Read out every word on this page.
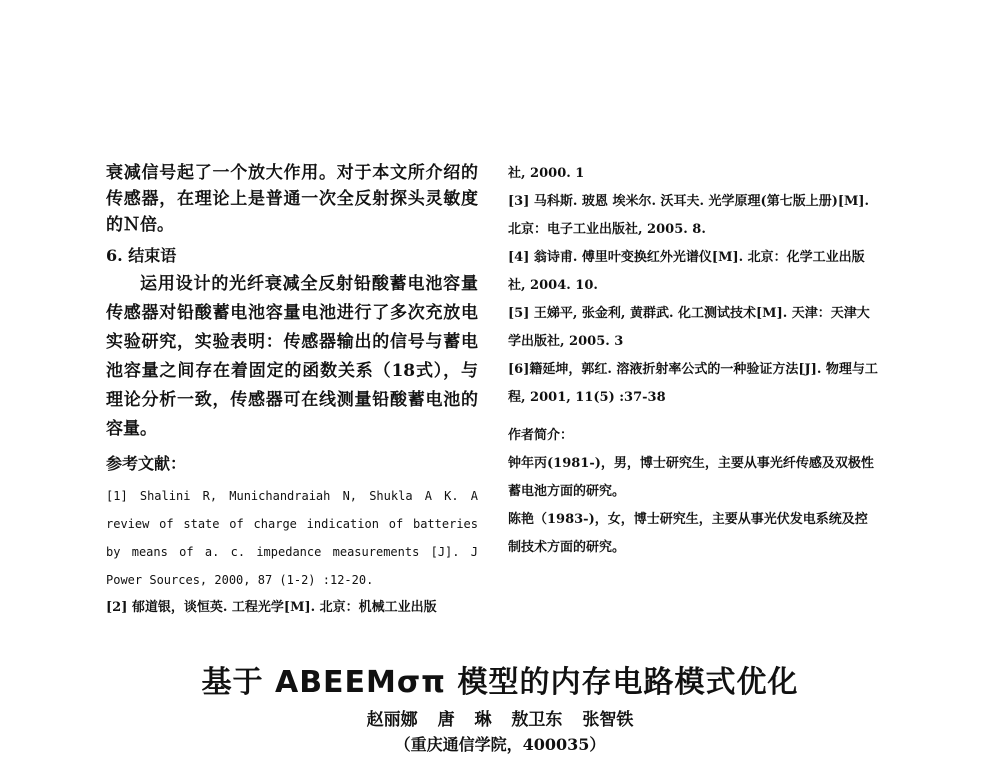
衰减信号起了一个放大作用。对于本文所介绍的传感器，在理论上是普通一次全反射探头灵敏度的Ｎ倍。

6. 结束语

运用设计的光纤衰减全反射铅酸蓄电池容量传感器对铅酸蓄电池容量电池进行了多次充放电实验研究，实验表明：传感器输出的信号与蓄电池容量之间存在着固定的函数关系（18式），与理论分析一致，传感器可在线测量铅酸蓄电池的容量。

参考文献：

[1] Shalini R, Munichandraiah N, Shukla A K. A review of state of charge indication of batteries by means of a. c. impedance measurements [J]. J Power Sources, 2000, 87 (1-2) :12-20.

[2] 郁道银，谈恒英. 工程光学[M]. 北京：机械工业出版

社, 2000. 1

[3] 马科斯. 玻恩 埃米尔. 沃耳夫. 光学原理(第七版上册)[M]. 北京：电子工业出版社, 2005. 8.

[4] 翁诗甫. 傅里叶变换红外光谱仪[M]. 北京：化学工业出版社, 2004. 10.

[5] 王娣平, 张金利, 黄群武. 化工测试技术[M]. 天津：天津大学出版社, 2005. 3

[6]籍延坤，郭红. 溶液折射率公式的一种验证方法[J]. 物理与工程, 2001, 11(5) :37-38

作者简介：

钟年丙(1981-)，男，博士研究生，主要从事光纤传感及双极性蓄电池方面的研究。

陈艳（1983-)，女，博士研究生，主要从事光伏发电系统及控制技术方面的研究。

基于 ABEEMσπ 模型的内存电路模式优化
赵丽娜 唐 琳 敖卫东 张智铁
（重庆通信学院，400035）
